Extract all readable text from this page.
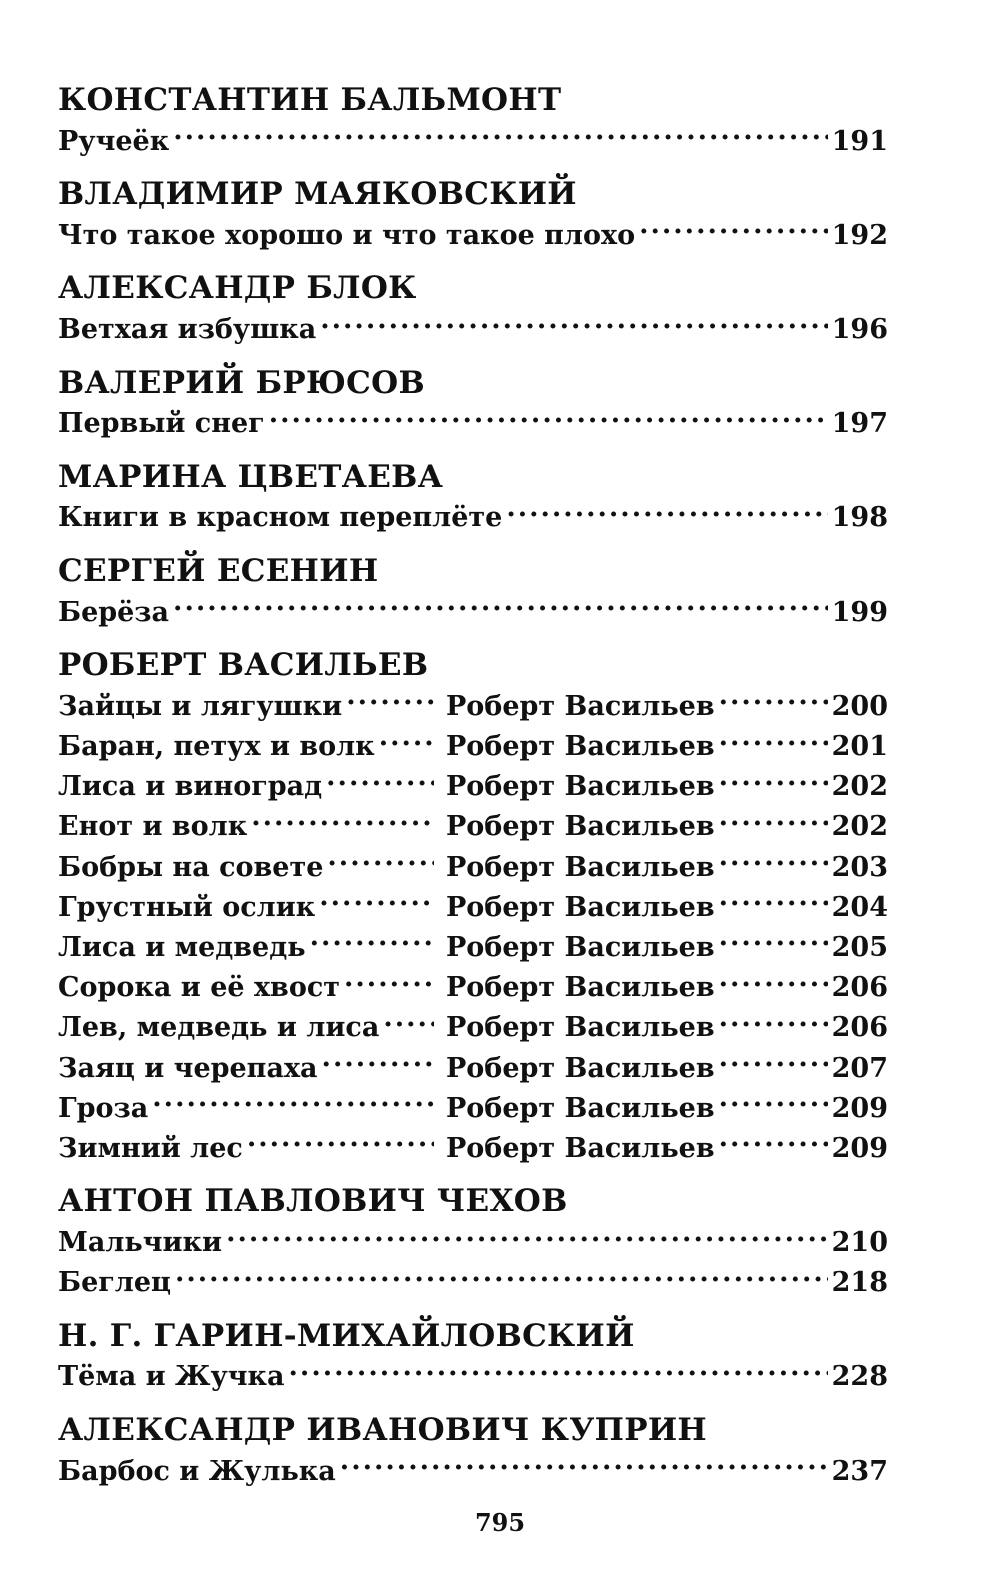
КОНСТАНТИН БАЛЬМОНТ
Ручеёк .....	191
ВЛАДИМИР МАЯКОВСКИЙ
Что такое хорошо и что такое плохо .....	192
АЛЕКСАНДР БЛОК
Ветхая избушка .....	196
ВАЛЕРИЙ БРЮСОВ
Первый снег .....	197
МАРИНА ЦВЕТАЕВА
Книги в красном переплёте .....	198
СЕРГЕЙ ЕСЕНИН
Берёза .....	199
РОБЕРТ ВАСИЛЬЕВ
Зайцы и лягушки .....	Роберт Васильев .....	200
Баран, петух и волк .....	Роберт Васильев .....	201
Лиса и виноград .....	Роберт Васильев .....	202
Енот и волк .....	Роберт Васильев .....	202
Бобры на совете .....	Роберт Васильев .....	203
Грустный ослик .....	Роберт Васильев .....	204
Лиса и медведь .....	Роберт Васильев .....	205
Сорока и её хвост .....	Роберт Васильев .....	206
Лев, медведь и лиса ..... Роберт Васильев .....	206
Заяц и черепаха .....	Роберт Васильев .....	207
Гроза .....	Роберт Васильев .....	209
Зимний лес .....	Роберт Васильев .....	209
АНТОН ПАВЛОВИЧ ЧЕХОВ
Мальчики .....	210
Беглец .....	218
Н. Г. ГАРИН-МИХАЙЛОВСКИЙ
Тёма и Жучка .....	228
АЛЕКСАНДР ИВАНОВИЧ КУПРИН
Барбос и Жулька .....	237
795
